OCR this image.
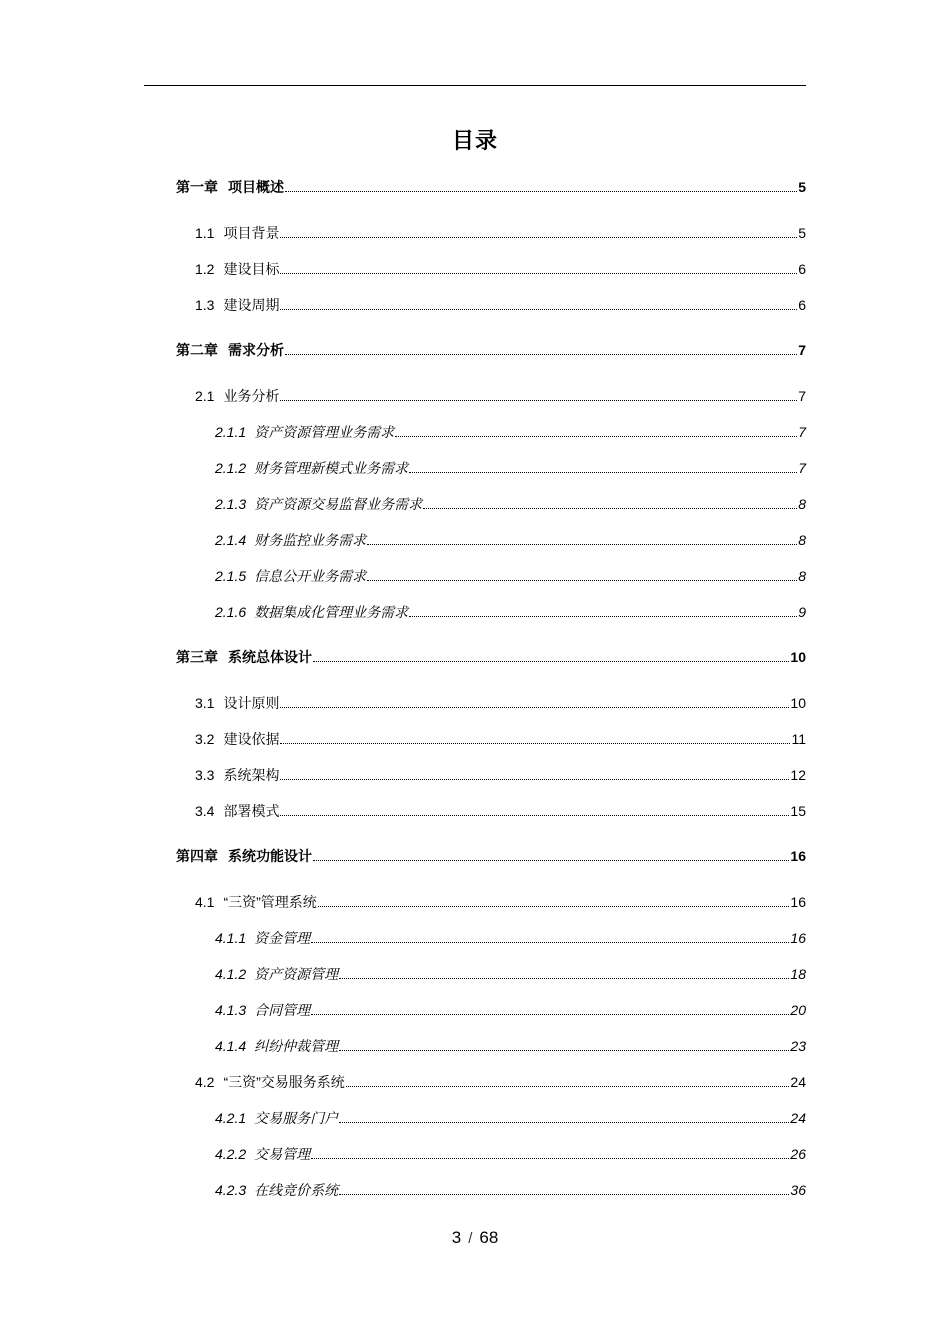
目录
第一章 项目概述	5
1.1 项目背景	5
1.2 建设目标	6
1.3 建设周期	6
第二章 需求分析	7
2.1 业务分析	7
2.1.1 资产资源管理业务需求	7
2.1.2 财务管理新模式业务需求	7
2.1.3 资产资源交易监督业务需求	8
2.1.4 财务监控业务需求	8
2.1.5 信息公开业务需求	8
2.1.6 数据集成化管理业务需求	9
第三章 系统总体设计	10
3.1 设计原则	10
3.2 建设依据	11
3.3 系统架构	12
3.4 部署模式	15
第四章 系统功能设计	16
4.1 “三资”管理系统	16
4.1.1 资金管理	16
4.1.2 资产资源管理	18
4.1.3 合同管理	20
4.1.4 纠纷仲裁管理	23
4.2 “三资”交易服务系统	24
4.2.1 交易服务门户	24
4.2.2 交易管理	26
4.2.3 在线竞价系统	36
3 / 68
